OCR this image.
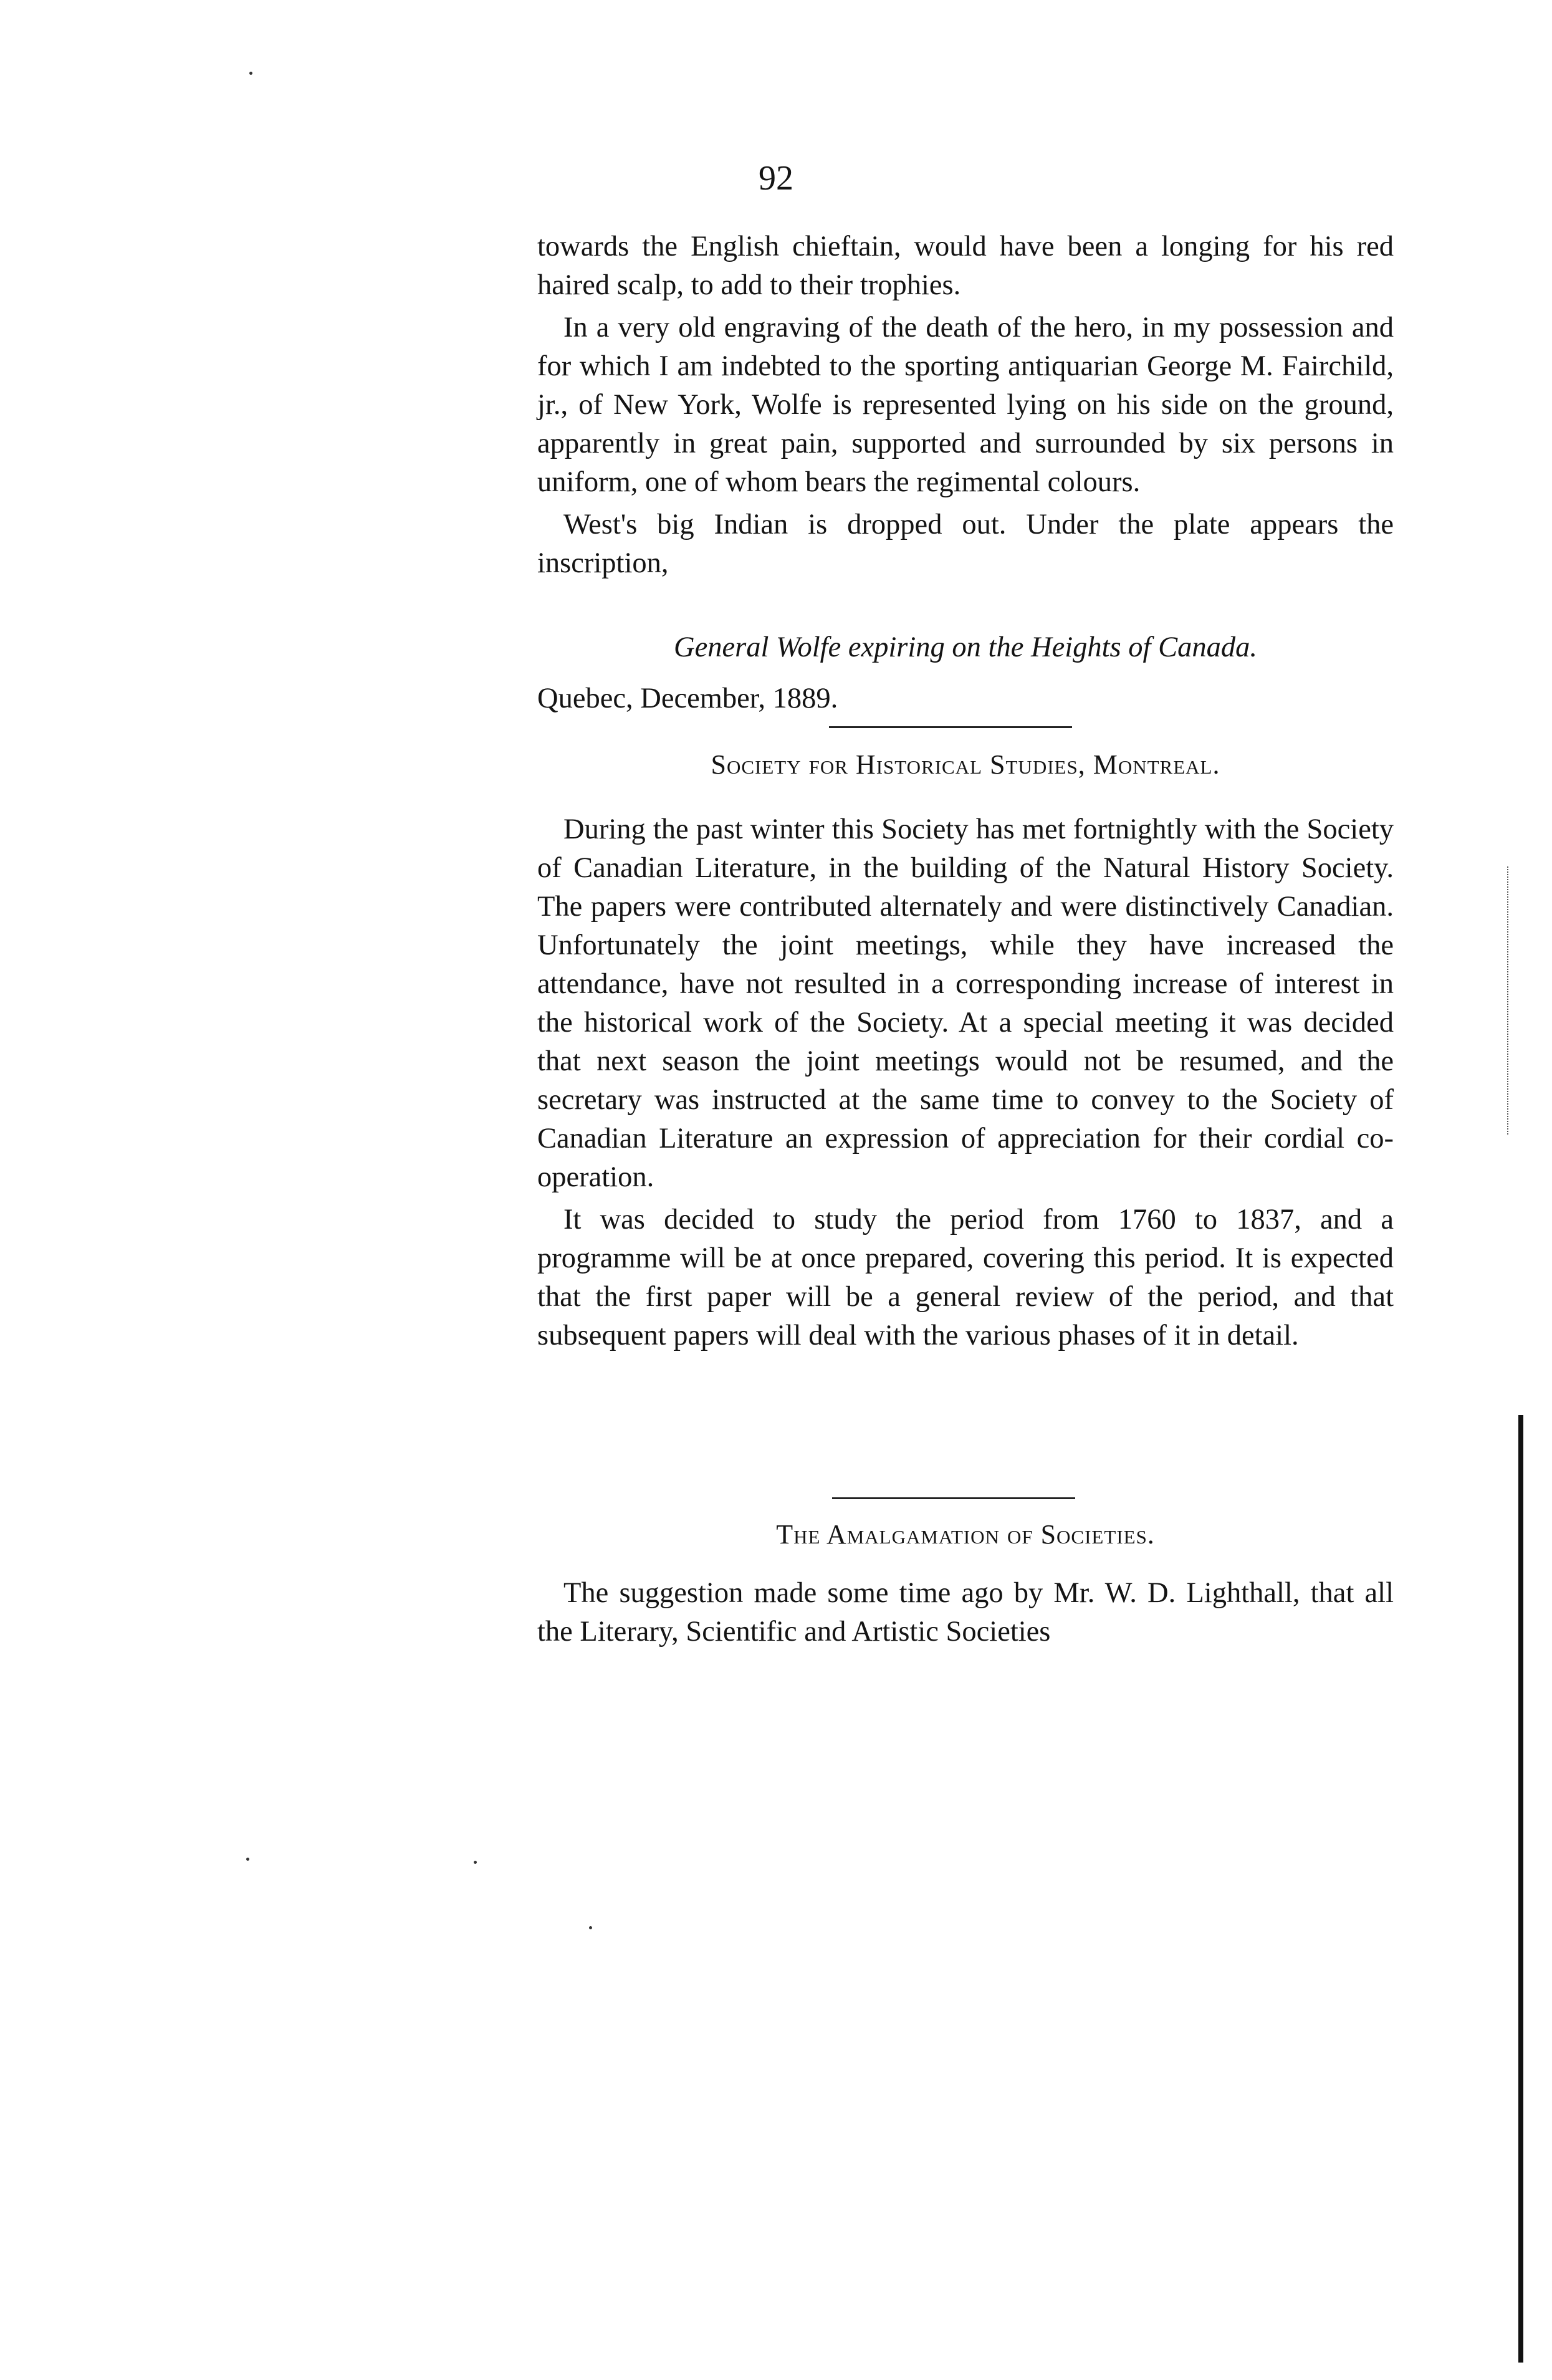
92

towards the English chieftain, would have been a longing for his red haired scalp, to add to their trophies.

In a very old engraving of the death of the hero, in my possession and for which I am indebted to the sporting antiquarian George M. Fairchild, jr., of New York, Wolfe is represented lying on his side on the ground, apparently in great pain, supported and surrounded by six persons in uniform, one of whom bears the regimental colours.

West's big Indian is dropped out. Under the plate appears the inscription,

General Wolfe expiring on the Heights of Canada.

Quebec, December, 1889.

Society for Historical Studies, Montreal.

During the past winter this Society has met fortnightly with the Society of Canadian Literature, in the building of the Natural History Society. The papers were contributed alternately and were distinctively Canadian. Unfortunately the joint meetings, while they have increased the attendance, have not resulted in a corresponding increase of interest in the historical work of the Society. At a special meeting it was decided that next season the joint meetings would not be resumed, and the secretary was instructed at the same time to convey to the Society of Canadian Literature an expression of appreciation for their cordial co-operation.

It was decided to study the period from 1760 to 1837, and a programme will be at once prepared, covering this period. It is expected that the first paper will be a general review of the period, and that subsequent papers will deal with the various phases of it in detail.

The Amalgamation of Societies.

The suggestion made some time ago by Mr. W. D. Lighthall, that all the Literary, Scientific and Artistic Societies
